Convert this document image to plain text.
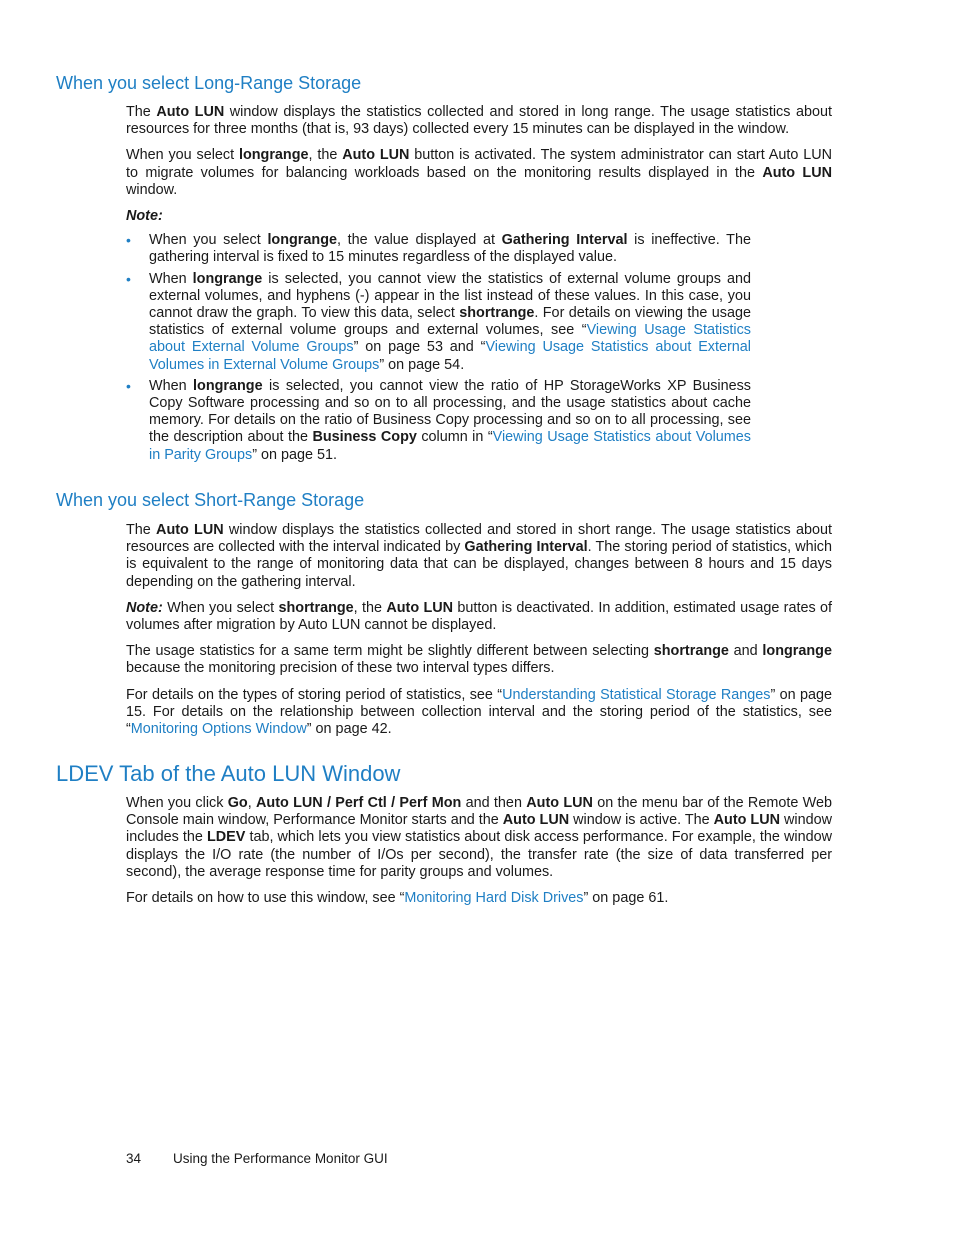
When you select Long-Range Storage

The Auto LUN window displays the statistics collected and stored in long range. The usage statistics about resources for three months (that is, 93 days) collected every 15 minutes can be displayed in the window.

When you select longrange, the Auto LUN button is activated. The system administrator can start Auto LUN to migrate volumes for balancing workloads based on the monitoring results displayed in the Auto LUN window.

Note:

• When you select longrange, the value displayed at Gathering Interval is ineffective. The gathering interval is fixed to 15 minutes regardless of the displayed value.
• When longrange is selected, you cannot view the statistics of external volume groups and external volumes, and hyphens (-) appear in the list instead of these values. In this case, you cannot draw the graph. To view this data, select shortrange. For details on viewing the usage statistics of external volume groups and external volumes, see “Viewing Usage Statistics about External Volume Groups” on page 53 and “Viewing Usage Statistics about External Volumes in External Volume Groups” on page 54.
• When longrange is selected, you cannot view the ratio of HP StorageWorks XP Business Copy Software processing and so on to all processing, and the usage statistics about cache memory. For details on the ratio of Business Copy processing and so on to all processing, see the description about the Business Copy column in “Viewing Usage Statistics about Volumes in Parity Groups” on page 51.
When you select Short-Range Storage

The Auto LUN window displays the statistics collected and stored in short range. The usage statistics about resources are collected with the interval indicated by Gathering Interval. The storing period of statistics, which is equivalent to the range of monitoring data that can be displayed, changes between 8 hours and 15 days depending on the gathering interval.

Note: When you select shortrange, the Auto LUN button is deactivated. In addition, estimated usage rates of volumes after migration by Auto LUN cannot be displayed.

The usage statistics for a same term might be slightly different between selecting shortrange and longrange because the monitoring precision of these two interval types differs.

For details on the types of storing period of statistics, see “Understanding Statistical Storage Ranges” on page 15. For details on the relationship between collection interval and the storing period of the statistics, see “Monitoring Options Window” on page 42.

LDEV Tab of the Auto LUN Window

When you click Go, Auto LUN / Perf Ctl / Perf Mon and then Auto LUN on the menu bar of the Remote Web Console main window, Performance Monitor starts and the Auto LUN window is active. The Auto LUN window includes the LDEV tab, which lets you view statistics about disk access performance. For example, the window displays the I/O rate (the number of I/Os per second), the transfer rate (the size of data transferred per second), the average response time for parity groups and volumes.

For details on how to use this window, see “Monitoring Hard Disk Drives” on page 61.

34 Using the Performance Monitor GUI
